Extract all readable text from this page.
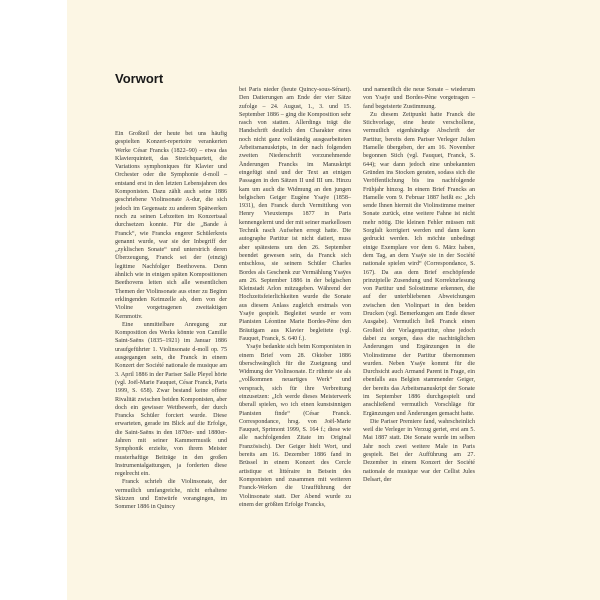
Vorwort

Ein Großteil der heute bei uns häufig gespielten Konzert-repertoire verankerten Werke César Francks (1822–90) – etwa das Klavierquintett, das Streichquartett, die Variations symphoniques für Klavier und Orchester oder die Symphonie d-moll – entstand erst in den letzten Lebensjahren des Komponisten. Dazu zählt auch seine 1886 geschriebene Violinsonate A-dur, die sich jedoch im Gegensatz zu anderen Spätwerken noch zu seinen Lebzeiten im Konzertsaal durchsetzen konnte. Für die „Bande à Franck“, wie Francks engerer Schülerkreis genannt wurde, war sie der Inbegriff der „zyklischen Sonate“ und unterstrich deren Überzeugung, Franck sei der (einzig) legitime Nachfolger Beethovens. Denn ähnlich wie in einigen späten Kompositionen Beethovens leiten sich alle wesentlichen Themen der Violinsonate aus einer zu Beginn erklingenden Keimzelle ab, dem von der Violine vorgetragenen zweitaktigen Kernmotiv.

Eine unmittelbare Anregung zur Komposition des Werks könnte von Camille Saint-Saëns (1835–1921) im Januar 1886 uraufgeführter 1. Violinsonate d-moll op. 75 ausgegangen sein, die Franck in einem Konzert der Société nationale de musique am 3. April 1886 in der Pariser Salle Pleyel hörte (vgl. Joël-Marie Fauquet, César Franck, Paris 1999, S. 658). Zwar bestand keine offene Rivalität zwischen beiden Komponisten, aber doch ein gewisser Wettbewerb, der durch Francks Schüler forciert wurde. Diese erwarteten, gerade im Blick auf die Erfolge, die Saint-Saëns in den 1870er- und 1880er-Jahren mit seiner Kammermusik und Symphonik erzielte, von ihrem Meister musterhaftige Beiträge in den großen Instrumentalgattungen, ja forderten diese regelrecht ein.

Franck schrieb die Violinsonate, der vermutlich umfangreiche, nicht erhaltene Skizzen und Entwürfe vorangingen, im Sommer 1886 in Quincy

bei Paris nieder (heute Quincy-sous-Sénart). Den Datierungen am Ende der vier Sätze zufolge – 24. August, 1., 3. und 15. September 1886 – ging die Komposition sehr rasch von statten. Allerdings trägt die Handschrift deutlich den Charakter eines noch nicht ganz vollständig ausgearbeiteten Arbeitsmanuskripts, in der nach folgenden zweiten Niederschrift vorzunehmende Änderungen Francks im Manuskript eingefügt sind und der Text an einigen Passagen in den Sätzen II und III um. Hinzu kam um auch die Widmung an den jungen belgischen Geiger Eugène Ysaÿe (1858–1931), den Franck durch Vermittlung von Henry Vieuxtemps 1877 in Paris kennengelernt und der mit seiner markellosen Technik rasch Aufsehen erregt hatte. Die autographe Partitur ist nicht datiert, muss aber spätestens um den 26. September beendet gewesen sein, da Franck sich entschloss, sie seinem Schüler Charles Bordes als Geschenk zur Vermählung Ysaÿes am 26. September 1886 in der belgischen Kleinstadt Arlon mitzugeben. Während der Hochzeitsfeierlichkeiten wurde die Sonate aus diesem Anlass zugleich erstmals von Ysaÿe gespielt. Begleitet wurde er vom Pianisten Léontine Marie Bordes-Pène den Bräutigam aus Klavier begleitete (vgl. Fauquet, Franck, S. 640 f.).

Ysaÿe bedankte sich beim Komponisten in einem Brief vom 28. Oktober 1886 überschwänglich für die Zueignung und Widmung der Violinsonate. Er rühmte sie als „vollkommen neuartiges Werk“ und versprach, sich für ihre Verbreitung einzusetzen: „Ich werde dieses Meisterwerk überall spielen, wo ich einen kunstsinnigen Pianisten finde“ (César Franck. Correspondance, hrsg. von Joël-Marie Fauquet, Sprimont 1999, S. 164 f.; diese wie alle nachfolgenden Zitate im Original Französisch). Der Geiger hielt Wort, und bereits am 16. Dezember 1886 fand in Brüssel in einem Konzert des Cercle artistique et littéraire in Beisein des Komponisten und zusammen mit weiteren Franck-Werken die Uraufführung der Violinsonate statt. Der Abend wurde zu einem der größten Erfolge Francks,

und namentlich die neue Sonate – wiederum von Ysaÿe und Bordes-Pène vorgetragen – fand begeisterte Zustimmung.

Zu diesem Zeitpunkt hatte Franck die Stichvorlage, eine heute verschollene, vermutlich eigenhändige Abschrift der Partitur, bereits dem Pariser Verleger Julien Hamelle übergeben, der am 16. November begonnen Stich (vgl. Fauquet, Franck, S. 644); war dann jedoch eine unbekannten Gründen ins Stocken geraten, sodass sich die Veröffentlichung bis ins nachfolgende Frühjahr hinzog. In einem Brief Francks an Hamelle vom 9. Februar 1887 heißt es: „Ich sende Ihnen hiermit die Violinstimme meiner Sonate zurück, eine weitere Fahne ist nicht mehr nötig. Die kleinen Fehler müssen mit Sorgfalt korrigiert werden und dann kann gedruckt werden. Ich möchte unbedingt einige Exemplare vor dem 6. März haben, dem Tag, an dem Ysaÿe sie in der Société nationale spielen wird“ (Correspondance, S. 167). Da aus dem Brief erschöpfende prinzipielle Zusendung und Korrekturlesung von Partitur und Solostimme erkennen, die auf der unterbliebenen Abweichungen zwischen den Violinpart in den beiden Drucken (vgl. Bemerkungen am Ende dieser Ausgabe). Vermutlich ließ Franck einen Großteil der Vorlagenpartitur, ohne jedoch dabei zu sorgen, dass die nachträglichen Änderungen und Ergänzungen in die Violinstimme der Partitur übernommen wurden. Neben Ysaÿe kommt für die Durchsicht auch Armand Parent in Frage, ein ebenfalls aus Belgien stammender Geiger, der bereits das Arbeitsmanuskript der Sonate im September 1886 durchgespielt und anschließend vermutlich Vorschläge für Ergänzungen und Änderungen gemacht hatte.

Die Pariser Premiere fand, wahrscheinlich weil die Verleger in Verzug geriet, erst am 5. Mai 1887 statt. Die Sonate wurde im selben Jahr noch zwei weitere Male in Paris gespielt. Bei der Aufführung am 27. Dezember in einem Konzert der Société nationale de musique war der Cellist Jules Delsart, der
